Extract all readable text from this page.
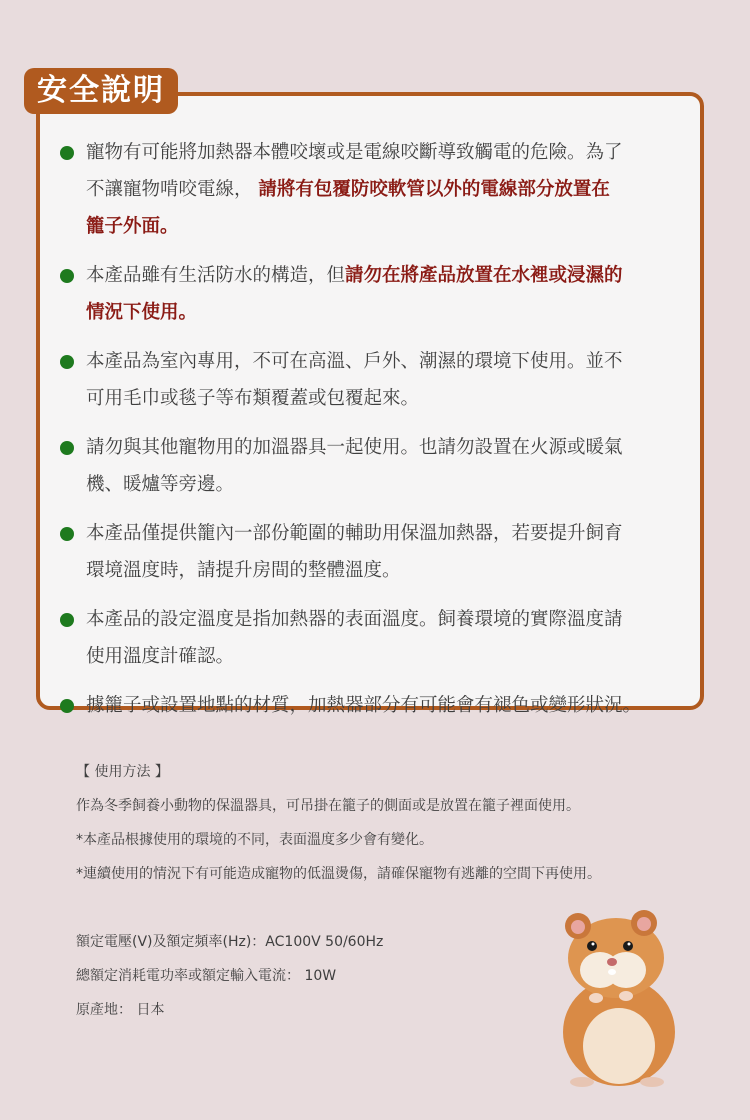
寵物有可能將加熱器本體咬壞或是電線咬斷導致觸電的危險。為了
不讓寵物啃咬電線， 請將有包覆防咬軟管以外的電線部分放置在
籠子外面。
本產品雖有生活防水的構造，但請勿在將產品放置在水裡或浸濕的
情況下使用。
本產品為室內專用，不可在高溫、戶外、潮濕的環境下使用。並不
可用毛巾或毯子等布類覆蓋或包覆起來。
請勿與其他寵物用的加溫器具一起使用。也請勿設置在火源或暖氣
機、暖爐等旁邊。
本產品僅提供籠內一部份範圍的輔助用保溫加熱器，若要提升飼育
環境溫度時，請提升房間的整體溫度。
本產品的設定溫度是指加熱器的表面溫度。飼養環境的實際溫度請
使用溫度計確認。
據籠子或設置地點的材質，加熱器部分有可能會有褪色或變形狀況。
安全說明
【 使用方法 】
作為冬季飼養小動物的保溫器具，可吊掛在籠子的側面或是放置在籠子裡面使用。
*本產品根據使用的環境的不同，表面溫度多少會有變化。
*連續使用的情況下有可能造成寵物的低溫燙傷，請確保寵物有逃離的空間下再使用。
額定電壓(V)及額定頻率(Hz)：AC100V 50/60Hz
總額定消耗電功率或額定輸入電流： 10W
原產地： 日本
